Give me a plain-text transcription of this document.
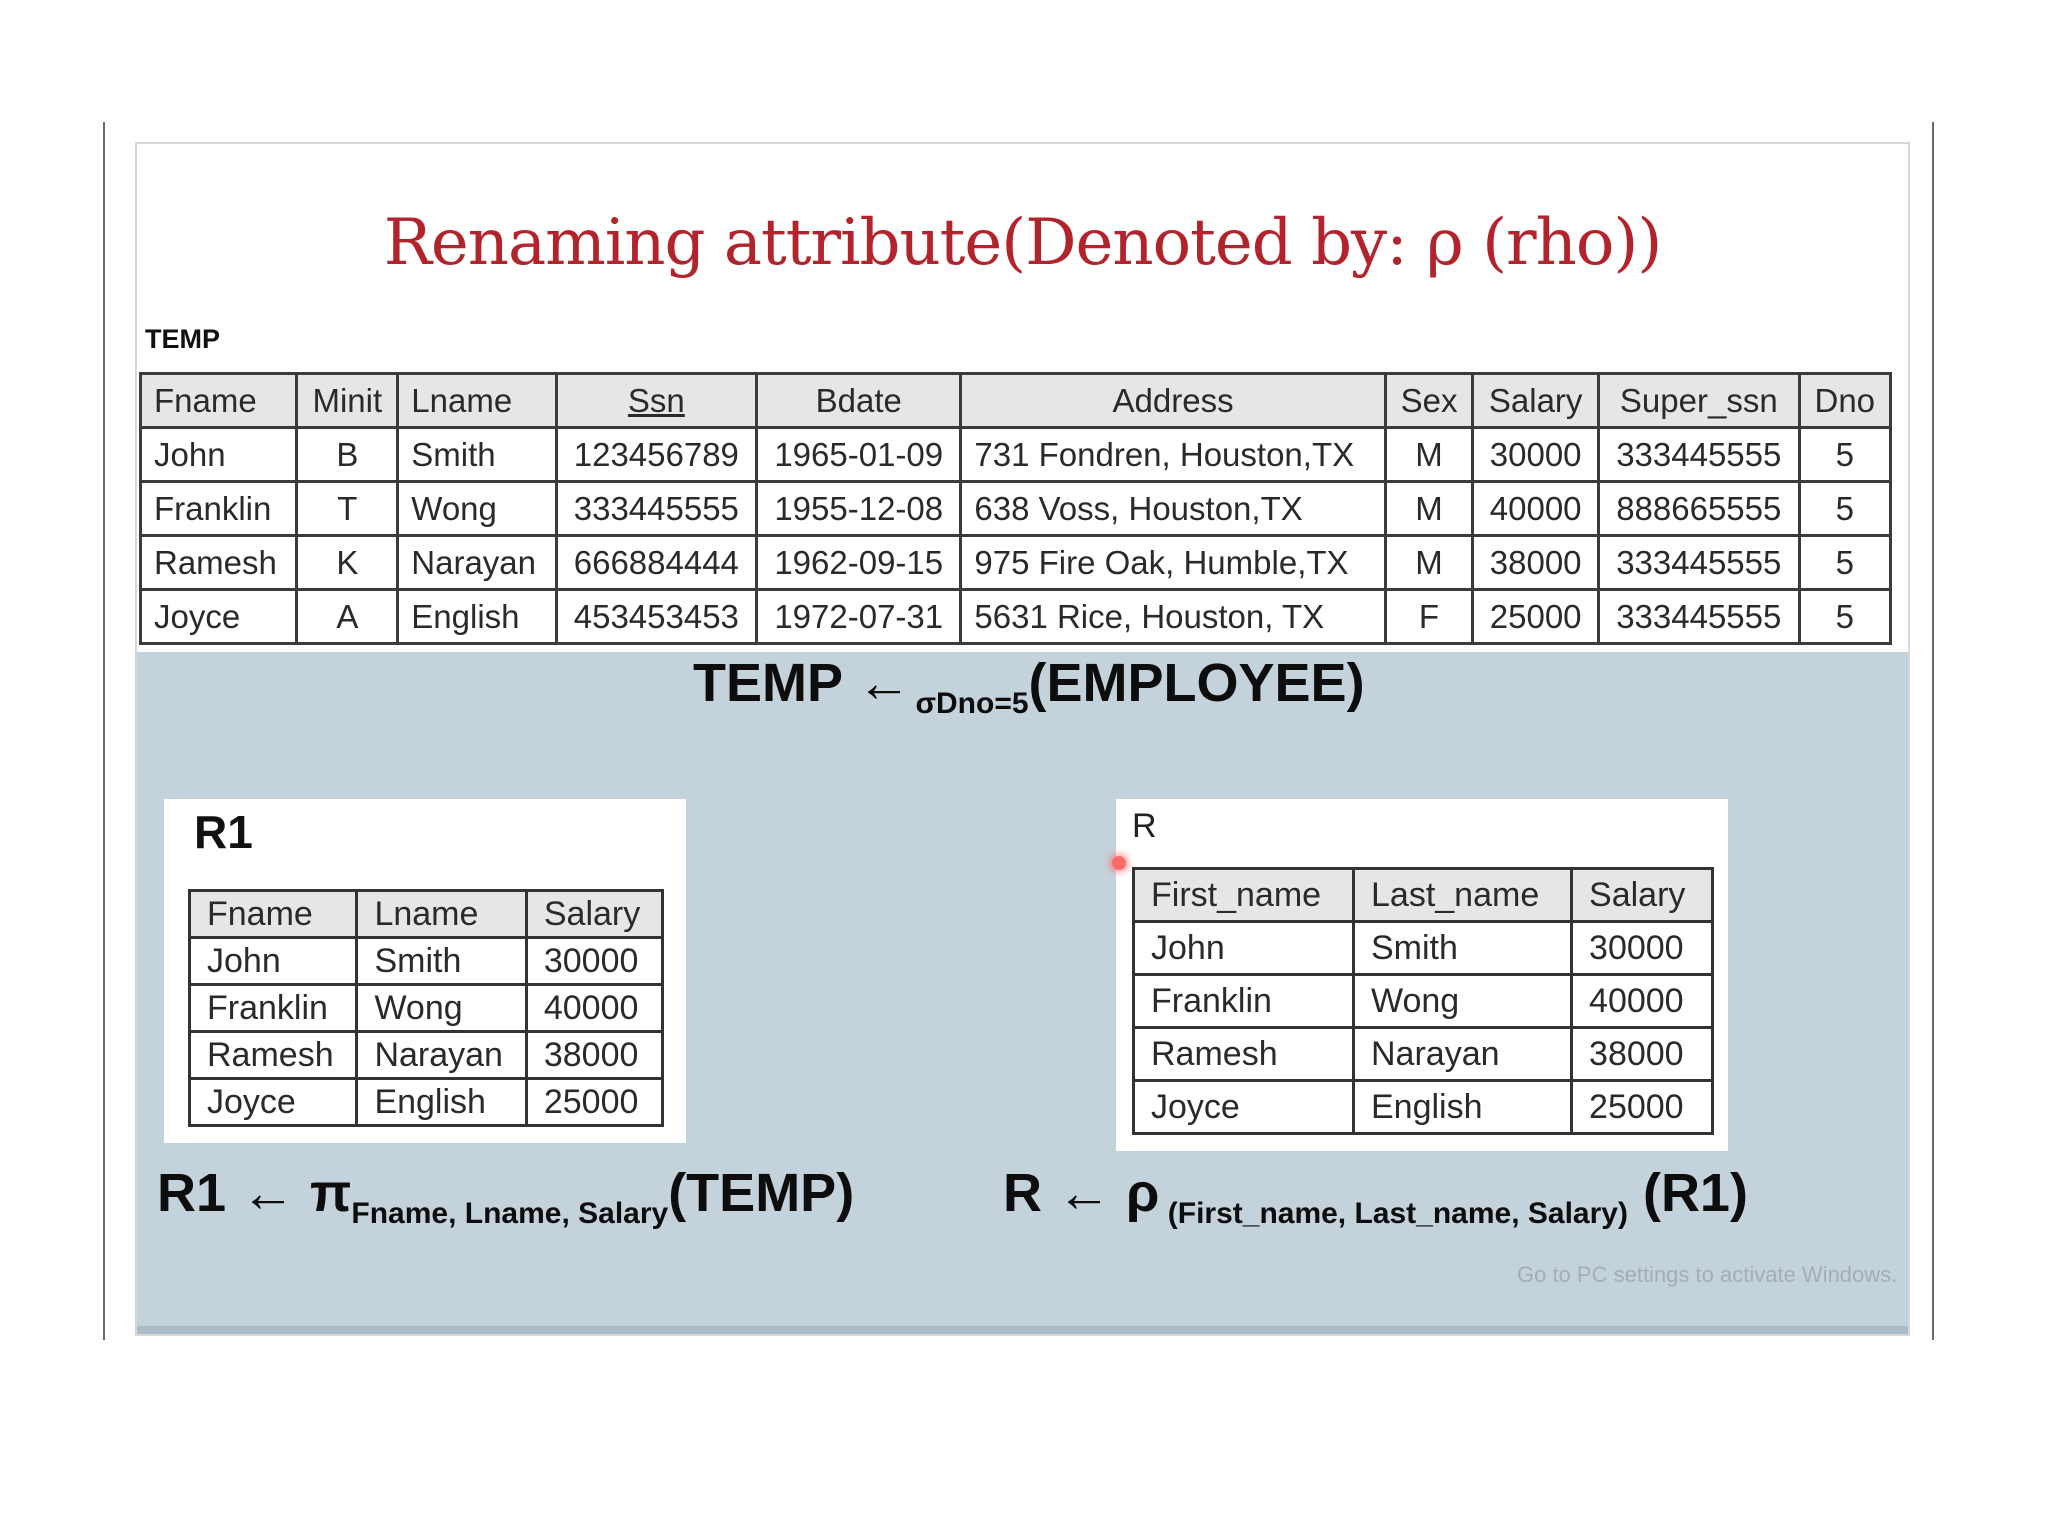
Renaming attribute(Denoted by: ρ (rho))
TEMP
Fname	Minit	Lname	Ssn	Bdate	Address	Sex	Salary	Super_ssn	Dno
John	B	Smith	123456789	1965-01-09	731 Fondren, Houston,TX	M	30000	333445555	5
Franklin	T	Wong	333445555	1955-12-08	638 Voss, Houston,TX	M	40000	888665555	5
Ramesh	K	Narayan	666884444	1962-09-15	975 Fire Oak, Humble,TX	M	38000	333445555	5
Joyce	A	English	453453453	1972-07-31	5631 Rice, Houston, TX	F	25000	333445555	5
TEMP ← σDno=5(EMPLOYEE)
R1
Fname	Lname	Salary
John	Smith	30000
Franklin	Wong	40000
Ramesh	Narayan	38000
Joyce	English	25000
R
First_name	Last_name	Salary
John	Smith	30000
Franklin	Wong	40000
Ramesh	Narayan	38000
Joyce	English	25000
R1 ← πFname, Lname, Salary(TEMP)	R ← ρ (First_name, Last_name, Salary) (R1)
Go to PC settings to activate Windows.
